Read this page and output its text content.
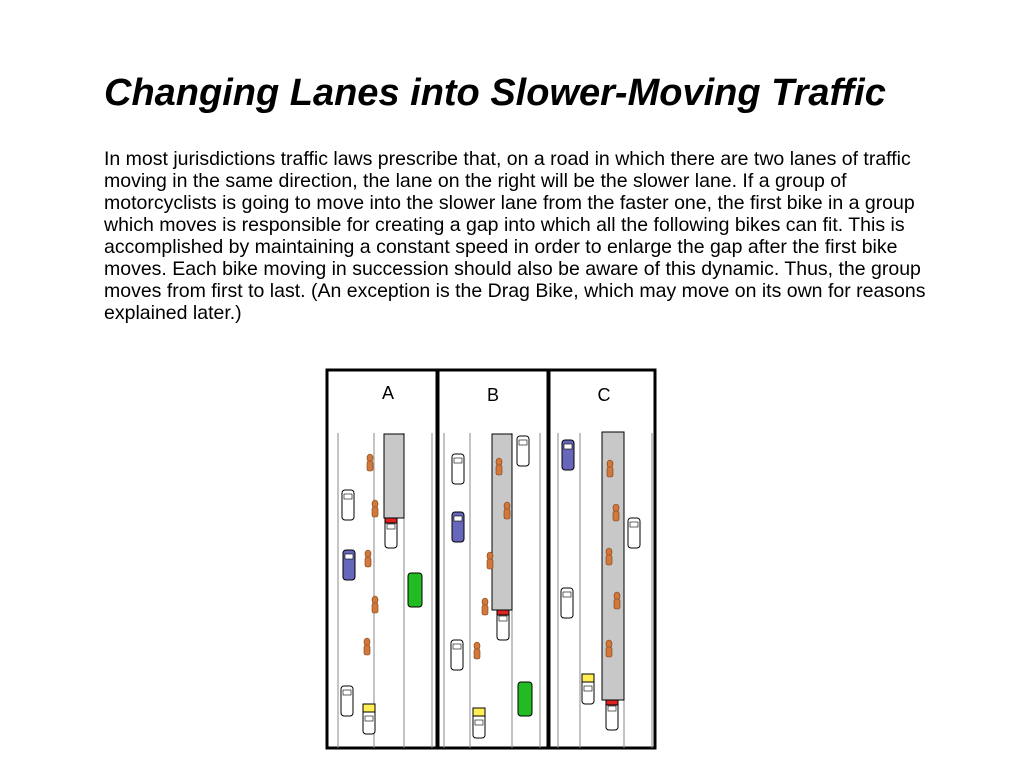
Changing Lanes into Slower-Moving Traffic

In most jurisdictions traffic laws prescribe that, on a road in which there are two lanes of traffic moving in the same direction, the lane on the right will be the slower lane. If a group of motorcyclists is going to move into the slower lane from the faster one, the first bike in a group which moves is responsible for creating a gap into which all the following bikes can fit. This is accomplished by maintaining a constant speed in order to enlarge the gap after the first bike moves. Each bike moving in succession should also be aware of this dynamic. Thus, the group moves from first to last. (An exception is the Drag Bike, which may move on its own for reasons explained later.)

A	B	C
